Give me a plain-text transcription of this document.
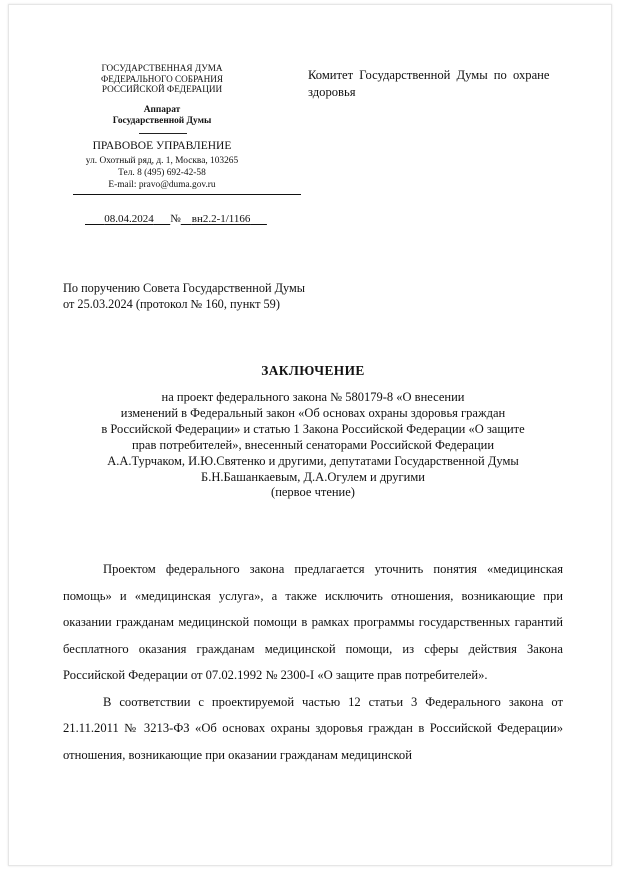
ГОСУДАРСТВЕННАЯ ДУМА
ФЕДЕРАЛЬНОГО СОБРАНИЯ
РОССИЙСКОЙ ФЕДЕРАЦИИ
Аппарат
Государственной Думы
ПРАВОВОЕ УПРАВЛЕНИЕ
ул. Охотный ряд, д. 1, Москва, 103265
Тел. 8 (495) 692-42-58
E-mail: pravo@duma.gov.ru
08.04.2024 № вн2.2-1/1166
Комитет Государственной Думы по охране здоровья
По поручению Совета Государственной Думы
от 25.03.2024 (протокол № 160, пункт 59)
ЗАКЛЮЧЕНИЕ
на проект федерального закона № 580179-8 «О внесении
изменений в Федеральный закон «Об основах охраны здоровья граждан
в Российской Федерации» и статью 1 Закона Российской Федерации «О защите
прав потребителей», внесенный сенаторами Российской Федерации
А.А.Турчаком, И.Ю.Святенко и другими, депутатами Государственной Думы
Б.Н.Башанкаевым, Д.А.Огулем и другими
(первое чтение)

Проектом федерального закона предлагается уточнить понятия «медицинская помощь» и «медицинская услуга», а также исключить отношения, возникающие при оказании гражданам медицинской помощи в рамках программы государственных гарантий бесплатного оказания гражданам медицинской помощи, из сферы действия Закона Российской Федерации от 07.02.1992 № 2300-I «О защите прав потребителей».

В соответствии с проектируемой частью 12 статьи 3 Федерального закона от 21.11.2011 № 3213-ФЗ «Об основах охраны здоровья граждан в Российской Федерации» отношения, возникающие при оказании гражданам медицинской
